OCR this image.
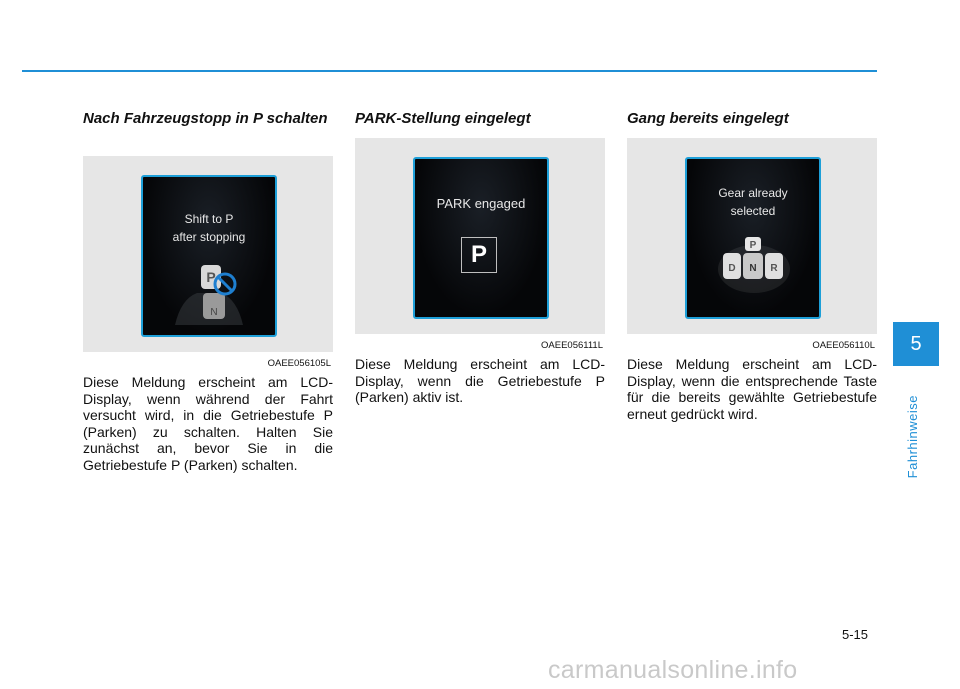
Nach Fahrzeugstopp in P schalten
Shift to P
after stopping
P
N
OAEE056105L

Diese Meldung erscheint am LCD-Display, wenn während der Fahrt versucht wird, in die Getriebestufe P (Parken) zu schalten. Halten Sie zunächst an, bevor Sie in die Getriebestufe P (Parken) schalten.

PARK-Stellung eingelegt
PARK engaged
P
OAEE056111L

Diese Meldung erscheint am LCD-Display, wenn die Getriebestufe P (Parken) aktiv ist.

Gang bereits eingelegt
Gear already
selected
P
D N R
OAEE056110L

Diese Meldung erscheint am LCD-Display, wenn die entsprechende Taste für die bereits gewählte Getriebestufe erneut gedrückt wird.

5
Fahrhinweise
5-15
carmanualsonline.info
